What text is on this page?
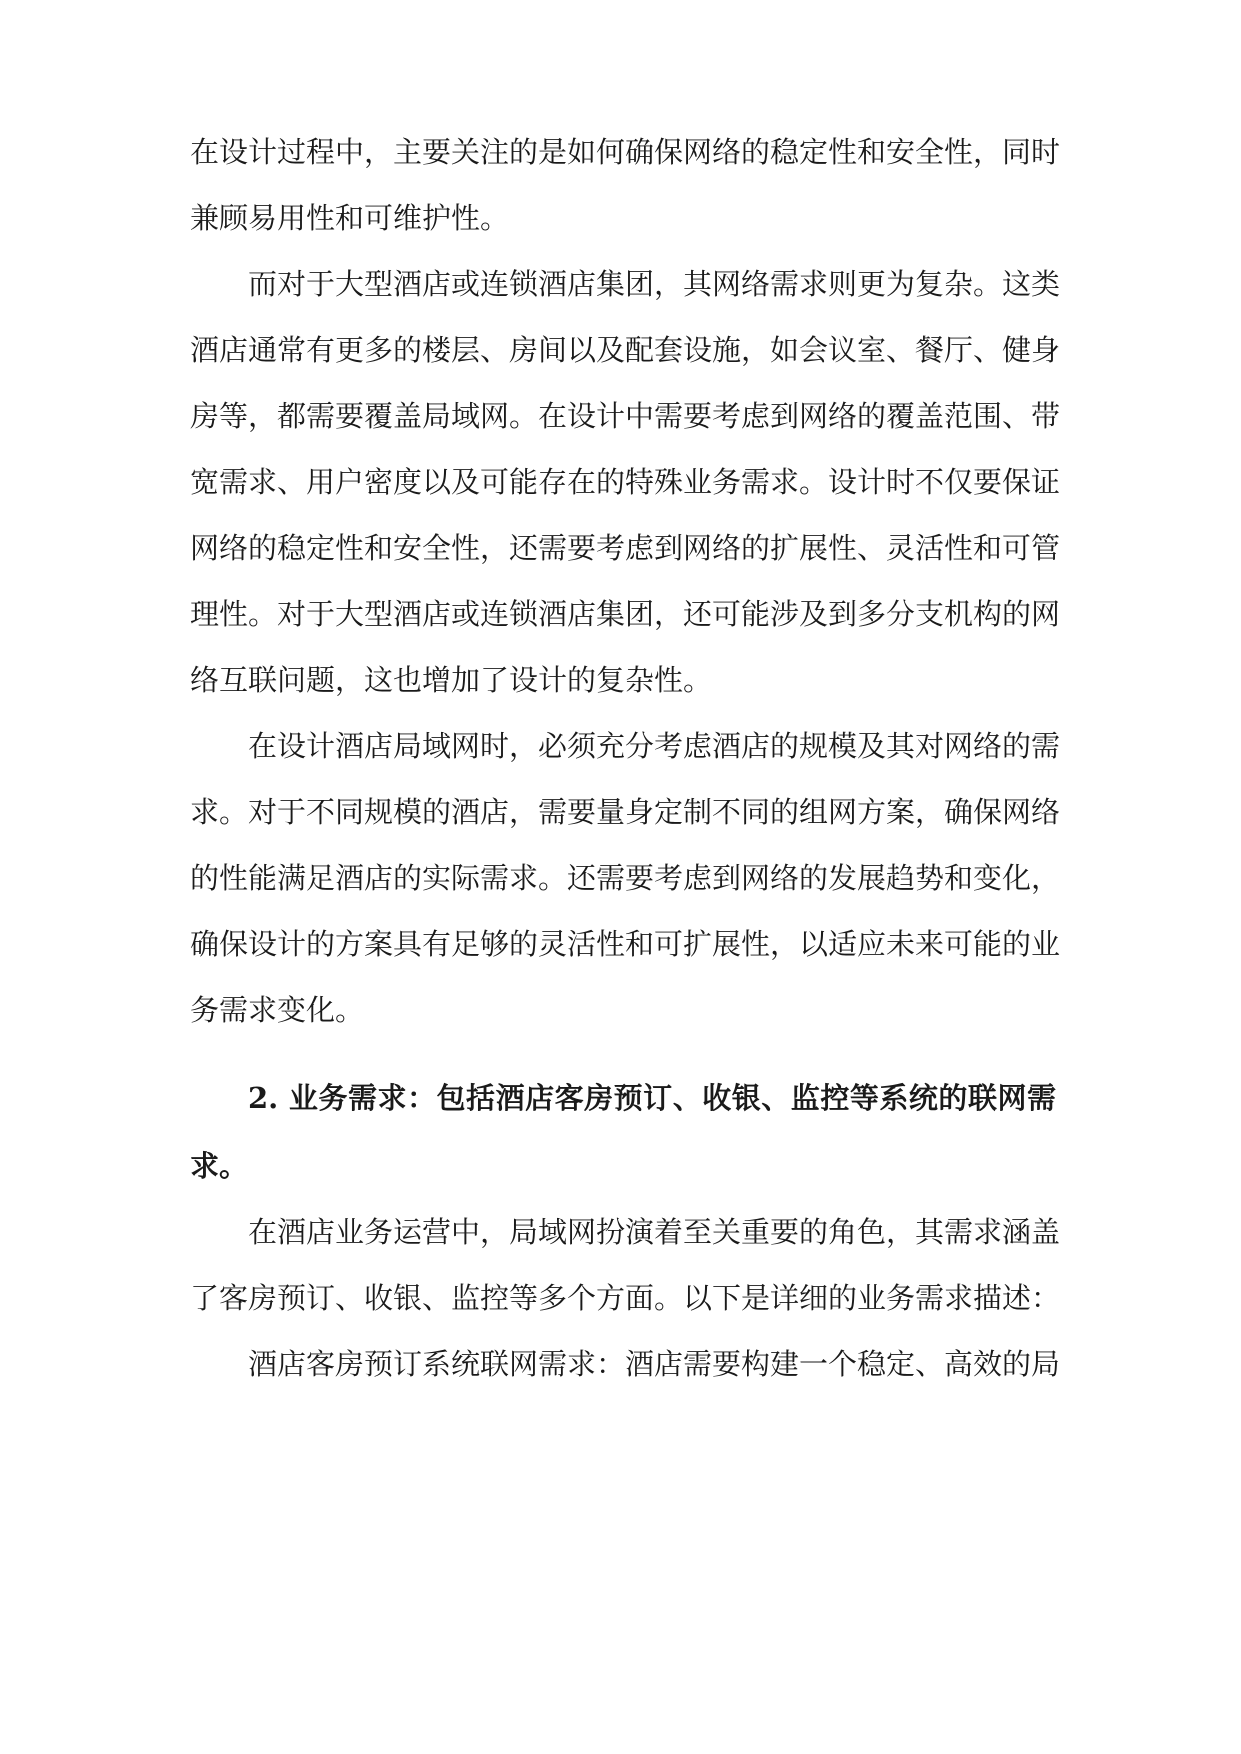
在设计过程中，主要关注的是如何确保网络的稳定性和安全性，同时

兼顾易用性和可维护性。

而对于大型酒店或连锁酒店集团，其网络需求则更为复杂。这类

酒店通常有更多的楼层、房间以及配套设施，如会议室、餐厅、健身

房等，都需要覆盖局域网。在设计中需要考虑到网络的覆盖范围、带

宽需求、用户密度以及可能存在的特殊业务需求。设计时不仅要保证

网络的稳定性和安全性，还需要考虑到网络的扩展性、灵活性和可管

理性。对于大型酒店或连锁酒店集团，还可能涉及到多分支机构的网

络互联问题，这也增加了设计的复杂性。

在设计酒店局域网时，必须充分考虑酒店的规模及其对网络的需

求。对于不同规模的酒店，需要量身定制不同的组网方案，确保网络

的性能满足酒店的实际需求。还需要考虑到网络的发展趋势和变化，

确保设计的方案具有足够的灵活性和可扩展性，以适应未来可能的业

务需求变化。

2. 业务需求：包括酒店客房预订、收银、监控等系统的联网需

求。

在酒店业务运营中，局域网扮演着至关重要的角色，其需求涵盖

了客房预订、收银、监控等多个方面。以下是详细的业务需求描述：

酒店客房预订系统联网需求：酒店需要构建一个稳定、高效的局
